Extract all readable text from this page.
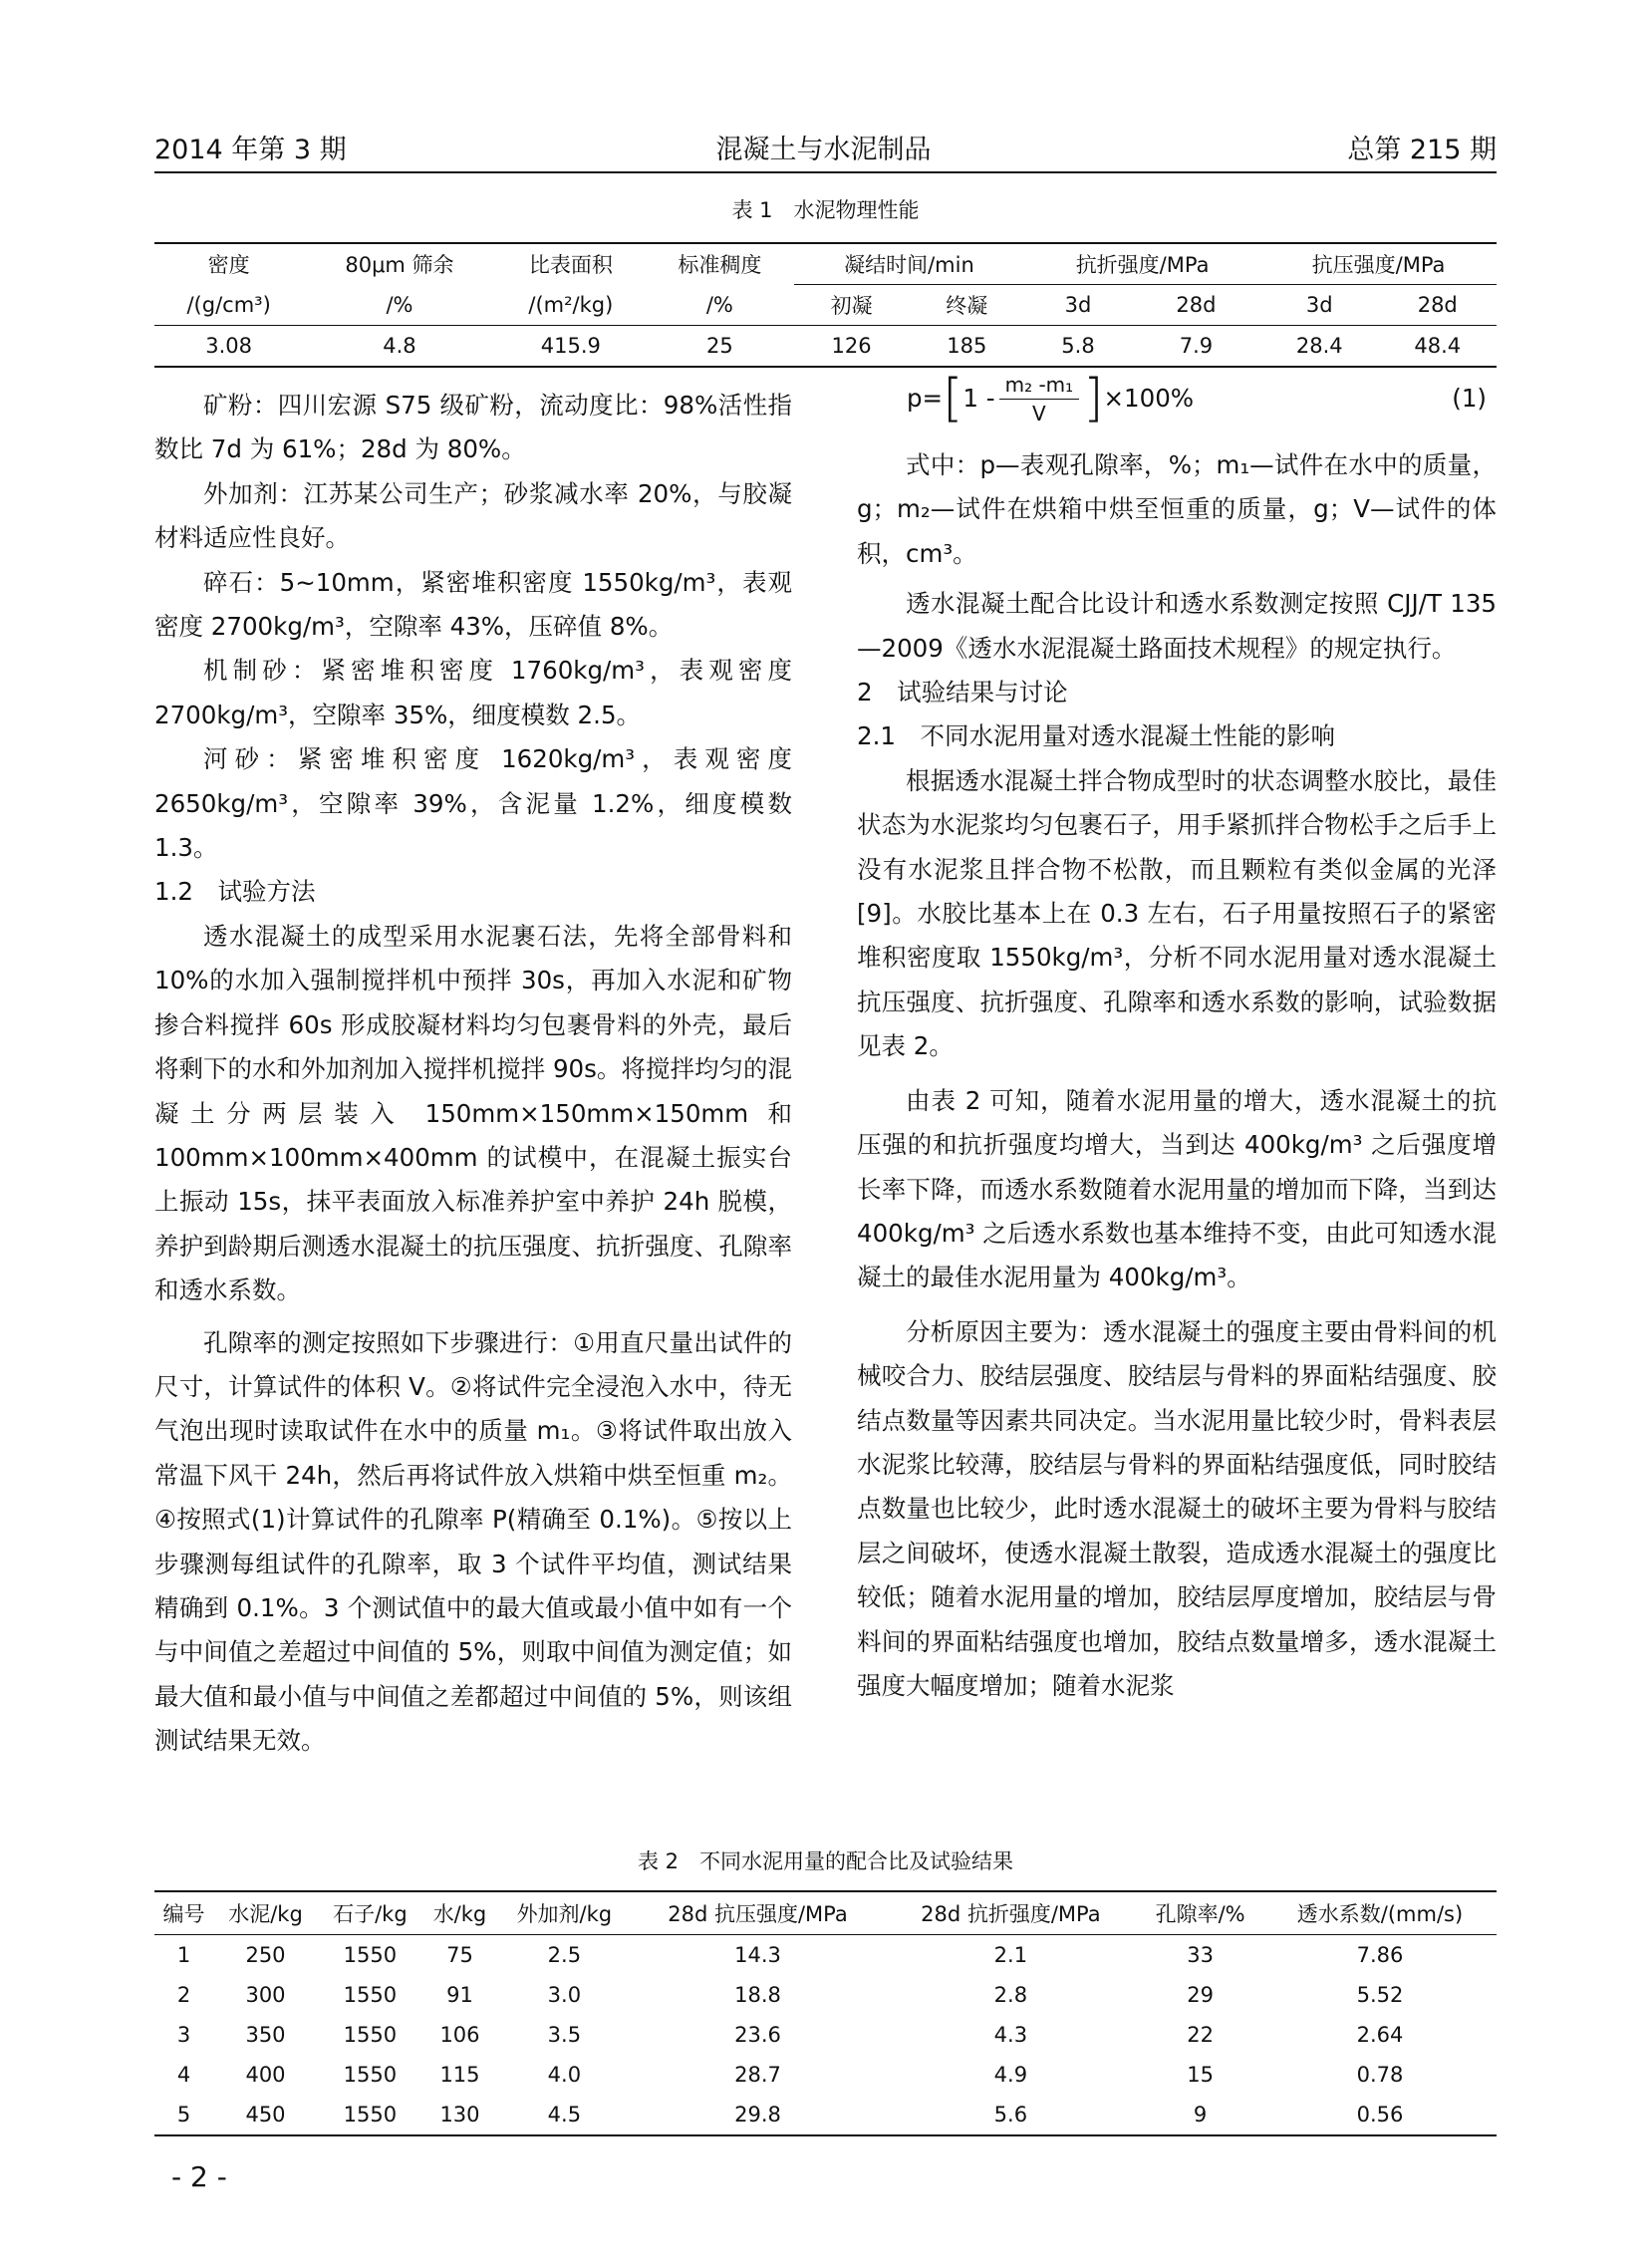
2014 年第 3 期	混凝土与水泥制品	总第 215 期
表 1　水泥物理性能
密度	80μm 筛余	比表面积	标准稠度	凝结时间/min		抗折强度/MPa		抗压强度/MPa	
/(g/cm³)	/%	/(m²/kg)	/%	初凝	终凝	3d	28d	3d	28d
3.08	4.8	415.9	25	126	185	5.8	7.9	28.4	48.4

矿粉：四川宏源 S75 级矿粉，流动度比：98%活性指数比 7d 为 61%；28d 为 80%。

外加剂：江苏某公司生产；砂浆减水率 20%，与胶凝材料适应性良好。

碎石：5~10mm，紧密堆积密度 1550kg/m³，表观密度 2700kg/m³，空隙率 43%，压碎值 8%。

机制砂：紧密堆积密度 1760kg/m³，表观密度 2700kg/m³，空隙率 35%，细度模数 2.5。

河砂：紧密堆积密度 1620kg/m³，表观密度 2650kg/m³，空隙率 39%，含泥量 1.2%，细度模数 1.3。

1.2　试验方法

透水混凝土的成型采用水泥裹石法，先将全部骨料和 10%的水加入强制搅拌机中预拌 30s，再加入水泥和矿物掺合料搅拌 60s 形成胶凝材料均匀包裹骨料的外壳，最后将剩下的水和外加剂加入搅拌机搅拌 90s。将搅拌均匀的混凝土分两层装入 150mm×150mm×150mm 和 100mm×100mm×400mm 的试模中，在混凝土振实台上振动 15s，抹平表面放入标准养护室中养护 24h 脱模，养护到龄期后测透水混凝土的抗压强度、抗折强度、孔隙率和透水系数。

孔隙率的测定按照如下步骤进行：①用直尺量出试件的尺寸，计算试件的体积 V。②将试件完全浸泡入水中，待无气泡出现时读取试件在水中的质量 m₁。③将试件取出放入常温下风干 24h，然后再将试件放入烘箱中烘至恒重 m₂。④按照式(1)计算试件的孔隙率 P(精确至 0.1%)。⑤按以上步骤测每组试件的孔隙率，取 3 个试件平均值，测试结果精确到 0.1%。3 个测试值中的最大值或最小值中如有一个与中间值之差超过中间值的 5%，则取中间值为测定值；如最大值和最小值与中间值之差都超过中间值的 5%，则该组测试结果无效。

p= [ $1 - \frac{\text{m₂ -m₁}}{V}$ ] ×100%	(1)

式中：p—表观孔隙率，%；m₁—试件在水中的质量，g；m₂—试件在烘箱中烘至恒重的质量，g；V—试件的体积，cm³。

透水混凝土配合比设计和透水系数测定按照 CJJ/T 135—2009《透水水泥混凝土路面技术规程》的规定执行。

2　试验结果与讨论

2.1　不同水泥用量对透水混凝土性能的影响

根据透水混凝土拌合物成型时的状态调整水胶比，最佳状态为水泥浆均匀包裹石子，用手紧抓拌合物松手之后手上没有水泥浆且拌合物不松散，而且颗粒有类似金属的光泽[9]。水胶比基本上在 0.3 左右，石子用量按照石子的紧密堆积密度取 1550kg/m³，分析不同水泥用量对透水混凝土抗压强度、抗折强度、孔隙率和透水系数的影响，试验数据见表 2。

由表 2 可知，随着水泥用量的增大，透水混凝土的抗压强的和抗折强度均增大，当到达 400kg/m³ 之后强度增长率下降，而透水系数随着水泥用量的增加而下降，当到达 400kg/m³ 之后透水系数也基本维持不变，由此可知透水混凝土的最佳水泥用量为 400kg/m³。

分析原因主要为：透水混凝土的强度主要由骨料间的机械咬合力、胶结层强度、胶结层与骨料的界面粘结强度、胶结点数量等因素共同决定。当水泥用量比较少时，骨料表层水泥浆比较薄，胶结层与骨料的界面粘结强度低，同时胶结点数量也比较少，此时透水混凝土的破坏主要为骨料与胶结层之间破坏，使透水混凝土散裂，造成透水混凝土的强度比较低；随着水泥用量的增加，胶结层厚度增加，胶结层与骨料间的界面粘结强度也增加，胶结点数量增多，透水混凝土强度大幅度增加；随着水泥浆

表 2　不同水泥用量的配合比及试验结果
编号	水泥/kg	石子/kg	水/kg	外加剂/kg	28d 抗压强度/MPa	28d 抗折强度/MPa	孔隙率/%	透水系数/(mm/s)
1	250	1550	75	2.5	14.3	2.1	33	7.86
2	300	1550	91	3.0	18.8	2.8	29	5.52
3	350	1550	106	3.5	23.6	4.3	22	2.64
4	400	1550	115	4.0	28.7	4.9	15	0.78
5	450	1550	130	4.5	29.8	5.6	9	0.56
- 2 -
